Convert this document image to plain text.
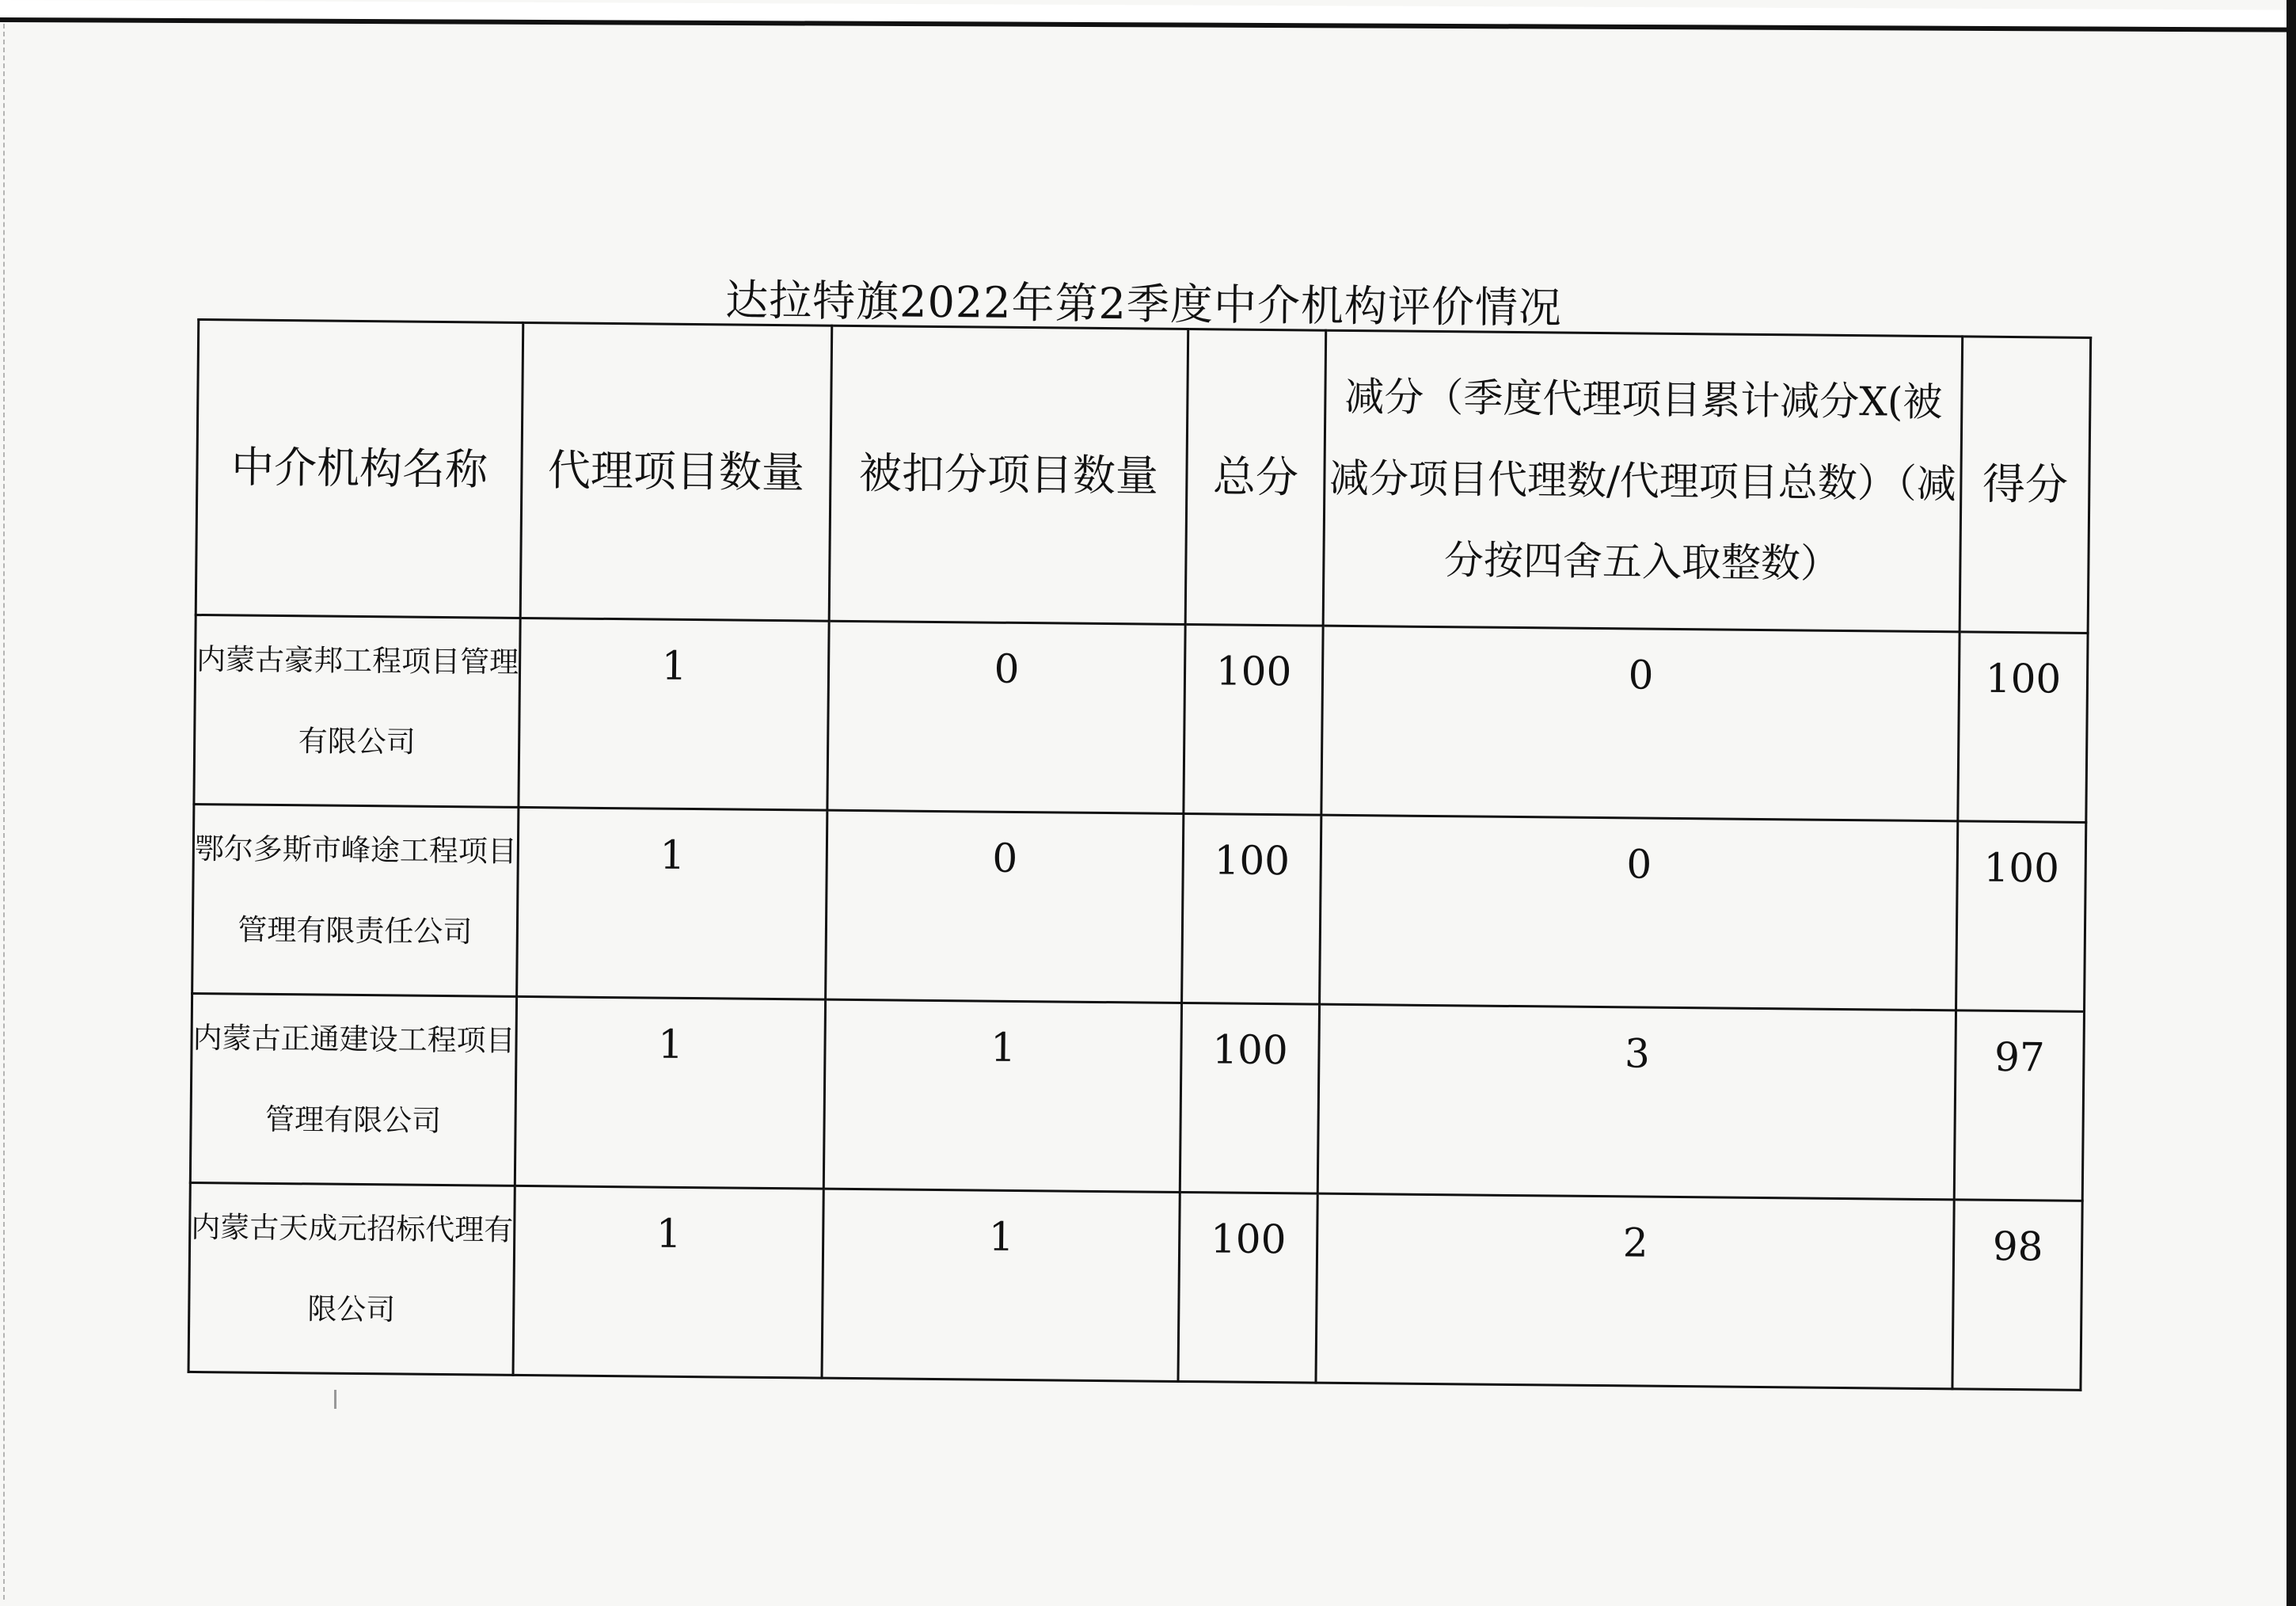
达拉特旗2022年第2季度中介机构评价情况
中介机构名称	代理项目数量	被扣分项目数量	总分	减分（季度代理项目累计减分X(被减分项目代理数/代理项目总数）（减分按四舍五入取整数）	得分
内蒙古豪邦工程项目管理有限公司	1	0	100	0	100
鄂尔多斯市峰途工程项目管理有限责任公司	1	0	100	0	100
内蒙古正通建设工程项目管理有限公司	1	1	100	3	97
内蒙古天成元招标代理有限公司	1	1	100	2	98
